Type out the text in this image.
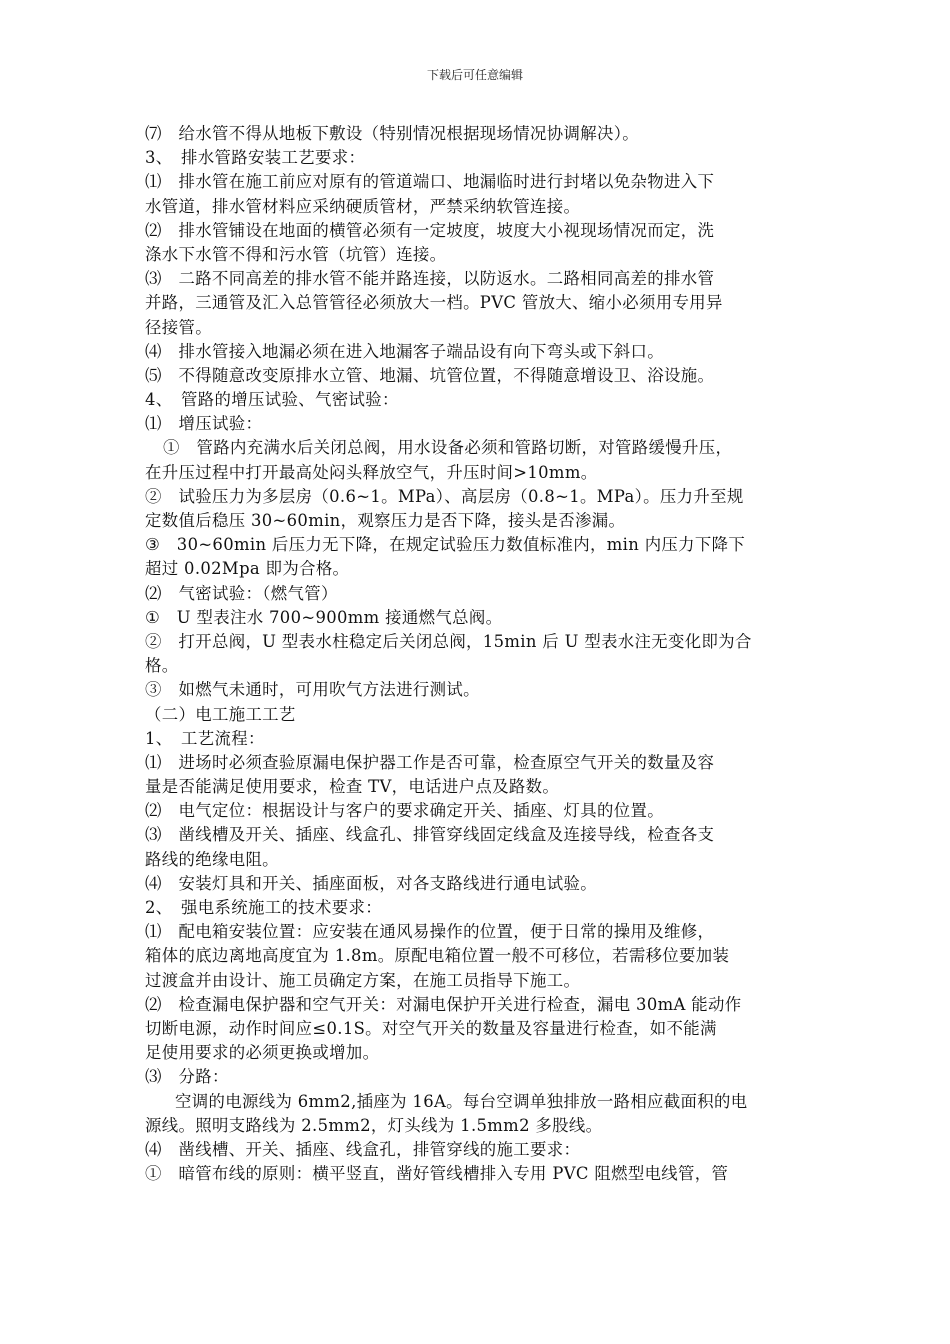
下载后可任意编辑
⑺　给水管不得从地板下敷设（特别情况根据现场情况协调解决）。
3、　排水管路安装工艺要求：
⑴　排水管在施工前应对原有的管道端口、地漏临时进行封堵以免杂物进入下
水管道，排水管材料应采纳硬质管材，严禁采纳软管连接。
⑵　排水管铺设在地面的横管必须有一定坡度，坡度大小视现场情况而定，洗
涤水下水管不得和污水管（坑管）连接。
⑶　二路不同高差的排水管不能并路连接，以防返水。二路相同高差的排水管
并路，三通管及汇入总管管径必须放大一档。PVC 管放大、缩小必须用专用异
径接管。
⑷　排水管接入地漏必须在进入地漏客子端品设有向下弯头或下斜口。
⑸　不得随意改变原排水立管、地漏、坑管位置，不得随意增设卫、浴设施。
4、　管路的增压试验、气密试验：
⑴　增压试验：
①　管路内充满水后关闭总阀，用水设备必须和管路切断，对管路缓慢升压，
在升压过程中打开最高处闷头释放空气，升压时间>10mm。
②　试验压力为多层房（0.6~1。MPa）、高层房（0.8~1。MPa）。压力升至规
定数值后稳压 30~60min，观察压力是否下降，接头是否渗漏。
③　30~60min 后压力无下降，在规定试验压力数值标准内，min 内压力下降下
超过 0.02Mpa 即为合格。
⑵　气密试验：（燃气管）
①　U 型表注水 700~900mm 接通燃气总阀。
②　打开总阀，U 型表水柱稳定后关闭总阀，15min 后 U 型表水注无变化即为合
格。
③　如燃气未通时，可用吹气方法进行测试。
（二）电工施工工艺
1、　工艺流程：
⑴　进场时必须查验原漏电保护器工作是否可靠，检查原空气开关的数量及容
量是否能满足使用要求，检查 TV，电话进户点及路数。
⑵　电气定位：根据设计与客户的要求确定开关、插座、灯具的位置。
⑶　凿线槽及开关、插座、线盒孔、排管穿线固定线盒及连接导线，检查各支
路线的绝缘电阻。
⑷　安装灯具和开关、插座面板，对各支路线进行通电试验。
2、　强电系统施工的技术要求：
⑴　配电箱安装位置：应安装在通风易操作的位置，便于日常的操用及维修，
箱体的底边离地高度宜为 1.8m。原配电箱位置一般不可移位，若需移位要加装
过渡盒并由设计、施工员确定方案，在施工员指导下施工。
⑵　检查漏电保护器和空气开关：对漏电保护开关进行检查，漏电 30mA 能动作
切断电源，动作时间应≤0.1S。对空气开关的数量及容量进行检查，如不能满
足使用要求的必须更换或增加。
⑶　分路：
空调的电源线为 6mm2,插座为 16A。每台空调单独排放一路相应截面积的电
源线。照明支路线为 2.5mm2，灯头线为 1.5mm2 多股线。
⑷　凿线槽、开关、插座、线盒孔，排管穿线的施工要求：
①　暗管布线的原则：横平竖直，凿好管线槽排入专用 PVC 阻燃型电线管，管
